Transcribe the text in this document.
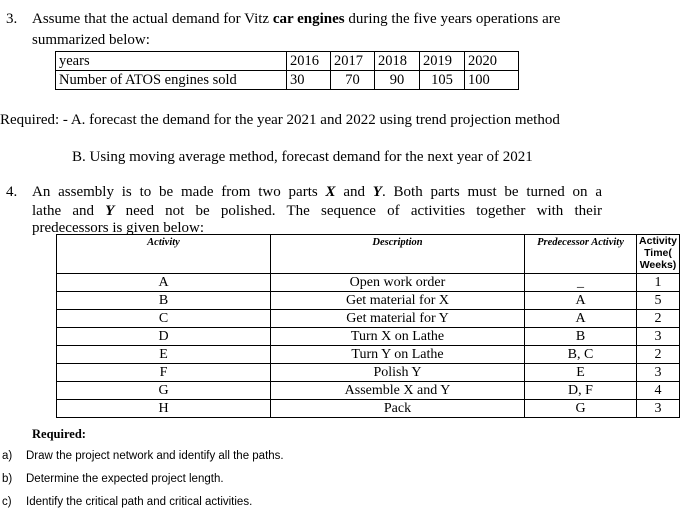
3. Assume that the actual demand for Vitz car engines during the five years operations are
summarized below:
years	2016	2017	2018	2019	2020
Number of ATOS engines sold	30	70	90	105	100
Required: - A. forecast the demand for the year 2021 and 2022 using trend projection method
B. Using moving average method, forecast demand for the next year of 2021
4. An assembly is to be made from two parts X and Y. Both parts must be turned on a
lathe and Y need not be polished. The sequence of activities together with their
predecessors is given below:
Activity	Description	Predecessor Activity	Activity Time( Weeks)
A	Open work order	_	1
B	Get material for X	A	5
C	Get material for Y	A	2
D	Turn X on Lathe	B	3
E	Turn Y on Lathe	B, C	2
F	Polish Y	E	3
G	Assemble X and Y	D, F	4
H	Pack	G	3
Required:
a) Draw the project network and identify all the paths.
b) Determine the expected project length.
c) Identify the critical path and critical activities.
